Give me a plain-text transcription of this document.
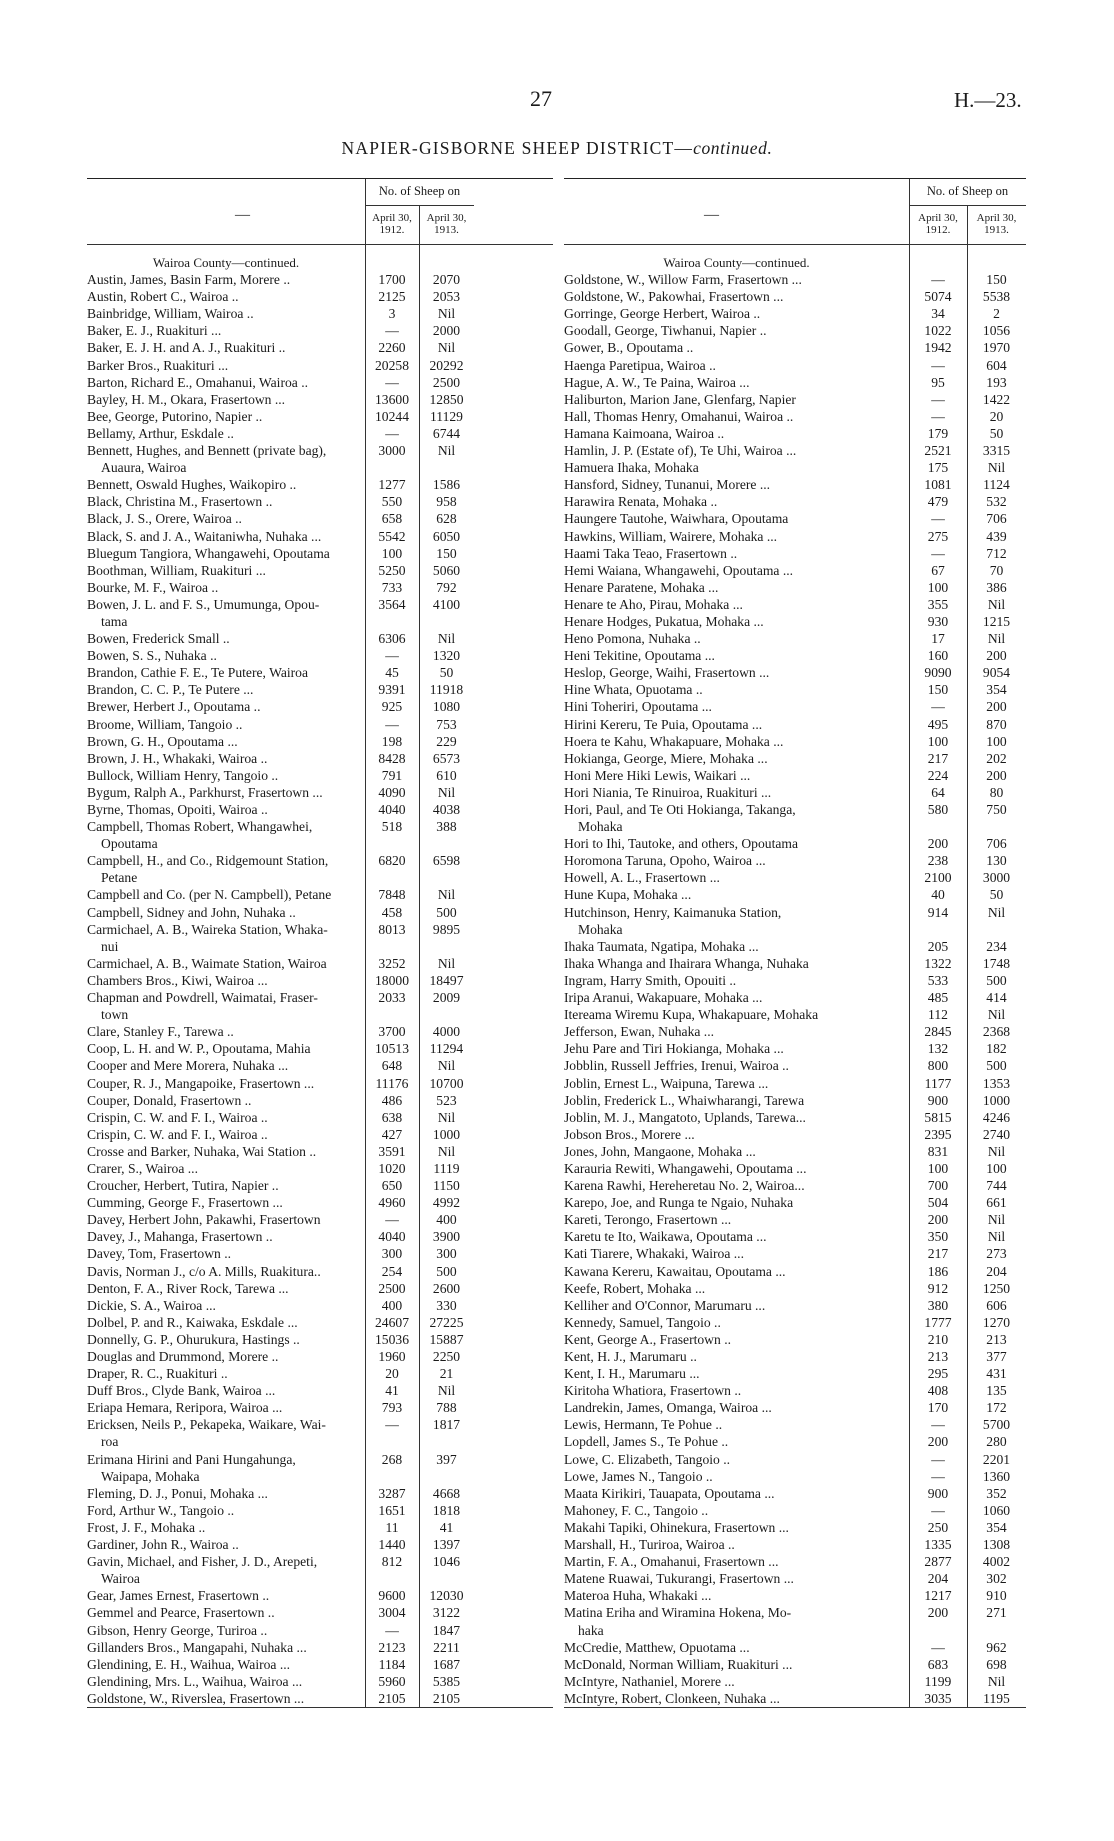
27	H.—23.
NAPIER-GISBORNE SHEEP DISTRICT—continued.
—
No. of Sheep on
April 30,
1912.
April 30,
1913.
Wairoa County—continued.
Austin, James, Basin Farm, Morere ..	1700	2070
Austin, Robert C., Wairoa ..	2125	2053
Bainbridge, William, Wairoa ..	3	Nil
Baker, E. J., Ruakituri ...	—	2000
Baker, E. J. H. and A. J., Ruakituri ..	2260	Nil
Barker Bros., Ruakituri ...	20258	20292
Barton, Richard E., Omahanui, Wairoa ..	—	2500
Bayley, H. M., Okara, Frasertown ...	13600	12850
Bee, George, Putorino, Napier ..	10244	11129
Bellamy, Arthur, Eskdale ..	—	6744
Bennett, Hughes, and Bennett (private bag),	3000	Nil
Auaura, Wairoa
Bennett, Oswald Hughes, Waikopiro ..	1277	1586
Black, Christina M., Frasertown ..	550	958
Black, J. S., Orere, Wairoa ..	658	628
Black, S. and J. A., Waitaniwha, Nuhaka ...	5542	6050
Bluegum Tangiora, Whangawehi, Opoutama	100	150
Boothman, William, Ruakituri ...	5250	5060
Bourke, M. F., Wairoa ..	733	792
Bowen, J. L. and F. S., Umumunga, Opou-	3564	4100
tama
Bowen, Frederick Small ..	6306	Nil
Bowen, S. S., Nuhaka ..	—	1320
Brandon, Cathie F. E., Te Putere, Wairoa	45	50
Brandon, C. C. P., Te Putere ...	9391	11918
Brewer, Herbert J., Opoutama ..	925	1080
Broome, William, Tangoio ..	—	753
Brown, G. H., Opoutama ...	198	229
Brown, J. H., Whakaki, Wairoa ..	8428	6573
Bullock, William Henry, Tangoio ..	791	610
Bygum, Ralph A., Parkhurst, Frasertown ...	4090	Nil
Byrne, Thomas, Opoiti, Wairoa ..	4040	4038
Campbell, Thomas Robert, Whangawhei,	518	388
Opoutama
Campbell, H., and Co., Ridgemount Station,	6820	6598
Petane
Campbell and Co. (per N. Campbell), Petane	7848	Nil
Campbell, Sidney and John, Nuhaka ..	458	500
Carmichael, A. B., Waireka Station, Whaka-	8013	9895
nui
Carmichael, A. B., Waimate Station, Wairoa	3252	Nil
Chambers Bros., Kiwi, Wairoa ...	18000	18497
Chapman and Powdrell, Waimatai, Fraser-	2033	2009
town
Clare, Stanley F., Tarewa ..	3700	4000
Coop, L. H. and W. P., Opoutama, Mahia	10513	11294
Cooper and Mere Morera, Nuhaka ...	648	Nil
Couper, R. J., Mangapoike, Frasertown ...	11176	10700
Couper, Donald, Frasertown ..	486	523
Crispin, C. W. and F. I., Wairoa ..	638	Nil
Crispin, C. W. and F. I., Wairoa ..	427	1000
Crosse and Barker, Nuhaka, Wai Station ..	3591	Nil
Crarer, S., Wairoa ...	1020	1119
Croucher, Herbert, Tutira, Napier ..	650	1150
Cumming, George F., Frasertown ...	4960	4992
Davey, Herbert John, Pakawhi, Frasertown	—	400
Davey, J., Mahanga, Frasertown ..	4040	3900
Davey, Tom, Frasertown ..	300	300
Davis, Norman J., c/o A. Mills, Ruakitura..	254	500
Denton, F. A., River Rock, Tarewa ...	2500	2600
Dickie, S. A., Wairoa ...	400	330
Dolbel, P. and R., Kaiwaka, Eskdale ...	24607	27225
Donnelly, G. P., Ohurukura, Hastings ..	15036	15887
Douglas and Drummond, Morere ..	1960	2250
Draper, R. C., Ruakituri ..	20	21
Duff Bros., Clyde Bank, Wairoa ...	41	Nil
Eriapa Hemara, Reripora, Wairoa ...	793	788
Ericksen, Neils P., Pekapeka, Waikare, Wai-	—	1817
roa
Erimana Hirini and Pani Hungahunga,	268	397
Waipapa, Mohaka
Fleming, D. J., Ponui, Mohaka ...	3287	4668
Ford, Arthur W., Tangoio ..	1651	1818
Frost, J. F., Mohaka ..	11	41
Gardiner, John R., Wairoa ..	1440	1397
Gavin, Michael, and Fisher, J. D., Arepeti,	812	1046
Wairoa
Gear, James Ernest, Frasertown ..	9600	12030
Gemmel and Pearce, Frasertown ..	3004	3122
Gibson, Henry George, Turiroa ..	—	1847
Gillanders Bros., Mangapahi, Nuhaka ...	2123	2211
Glendining, E. H., Waihua, Wairoa ...	1184	1687
Glendining, Mrs. L., Waihua, Wairoa ...	5960	5385
Goldstone, W., Riverslea, Frasertown ...	2105	2105
—
No. of Sheep on
April 30,
1912.
April 30,
1913.
Wairoa County—continued.
Goldstone, W., Willow Farm, Frasertown ...	—	150
Goldstone, W., Pakowhai, Frasertown ...	5074	5538
Gorringe, George Herbert, Wairoa ..	34	2
Goodall, George, Tiwhanui, Napier ..	1022	1056
Gower, B., Opoutama ..	1942	1970
Haenga Paretipua, Wairoa ..	—	604
Hague, A. W., Te Paina, Wairoa ...	95	193
Haliburton, Marion Jane, Glenfarg, Napier	—	1422
Hall, Thomas Henry, Omahanui, Wairoa ..	—	20
Hamana Kaimoana, Wairoa ..	179	50
Hamlin, J. P. (Estate of), Te Uhi, Wairoa ...	2521	3315
Hamuera Ihaka, Mohaka	175	Nil
Hansford, Sidney, Tunanui, Morere ...	1081	1124
Harawira Renata, Mohaka ..	479	532
Haungere Tautohe, Waiwhara, Opoutama	—	706
Hawkins, William, Wairere, Mohaka ...	275	439
Haami Taka Teao, Frasertown ..	—	712
Hemi Waiana, Whangawehi, Opoutama ...	67	70
Henare Paratene, Mohaka ...	100	386
Henare te Aho, Pirau, Mohaka ...	355	Nil
Henare Hodges, Pukatua, Mohaka ...	930	1215
Heno Pomona, Nuhaka ..	17	Nil
Heni Tekitine, Opoutama ...	160	200
Heslop, George, Waihi, Frasertown ...	9090	9054
Hine Whata, Opuotama ..	150	354
Hini Toheriri, Opoutama ...	—	200
Hirini Kereru, Te Puia, Opoutama ...	495	870
Hoera te Kahu, Whakapuare, Mohaka ...	100	100
Hokianga, George, Miere, Mohaka ...	217	202
Honi Mere Hiki Lewis, Waikari ...	224	200
Hori Niania, Te Rinuiroa, Ruakituri ...	64	80
Hori, Paul, and Te Oti Hokianga, Takanga,	580	750
Mohaka
Hori to Ihi, Tautoke, and others, Opoutama	200	706
Horomona Taruna, Opoho, Wairoa ...	238	130
Howell, A. L., Frasertown ...	2100	3000
Hune Kupa, Mohaka ...	40	50
Hutchinson, Henry, Kaimanuka Station,	914	Nil
Mohaka
Ihaka Taumata, Ngatipa, Mohaka ...	205	234
Ihaka Whanga and Ihairara Whanga, Nuhaka	1322	1748
Ingram, Harry Smith, Opouiti ..	533	500
Iripa Aranui, Wakapuare, Mohaka ...	485	414
Itereama Wiremu Kupa, Whakapuare, Mohaka	112	Nil
Jefferson, Ewan, Nuhaka ...	2845	2368
Jehu Pare and Tiri Hokianga, Mohaka ...	132	182
Jobblin, Russell Jeffries, Irenui, Wairoa ..	800	500
Joblin, Ernest L., Waipuna, Tarewa ...	1177	1353
Joblin, Frederick L., Whaiwharangi, Tarewa	900	1000
Joblin, M. J., Mangatoto, Uplands, Tarewa...	5815	4246
Jobson Bros., Morere ...	2395	2740
Jones, John, Mangaone, Mohaka ...	831	Nil
Karauria Rewiti, Whangawehi, Opoutama ...	100	100
Karena Rawhi, Hereheretau No. 2, Wairoa...	700	744
Karepo, Joe, and Runga te Ngaio, Nuhaka	504	661
Kareti, Terongo, Frasertown ...	200	Nil
Karetu te Ito, Waikawa, Opoutama ...	350	Nil
Kati Tiarere, Whakaki, Wairoa ...	217	273
Kawana Kereru, Kawaitau, Opoutama ...	186	204
Keefe, Robert, Mohaka ...	912	1250
Kelliher and O'Connor, Marumaru ...	380	606
Kennedy, Samuel, Tangoio ..	1777	1270
Kent, George A., Frasertown ..	210	213
Kent, H. J., Marumaru ..	213	377
Kent, I. H., Marumaru ...	295	431
Kiritoha Whatiora, Frasertown ..	408	135
Landrekin, James, Omanga, Wairoa ...	170	172
Lewis, Hermann, Te Pohue ..	—	5700
Lopdell, James S., Te Pohue ..	200	280
Lowe, C. Elizabeth, Tangoio ..	—	2201
Lowe, James N., Tangoio ..	—	1360
Maata Kirikiri, Tauapata, Opoutama ...	900	352
Mahoney, F. C., Tangoio ..	—	1060
Makahi Tapiki, Ohinekura, Frasertown ...	250	354
Marshall, H., Turiroa, Wairoa ..	1335	1308
Martin, F. A., Omahanui, Frasertown ...	2877	4002
Matene Ruawai, Tukurangi, Frasertown ...	204	302
Materoa Huha, Whakaki ...	1217	910
Matina Eriha and Wiramina Hokena, Mo-	200	271
haka
McCredie, Matthew, Opuotama ...	—	962
McDonald, Norman William, Ruakituri ...	683	698
McIntyre, Nathaniel, Morere ...	1199	Nil
McIntyre, Robert, Clonkeen, Nuhaka ...	3035	1195
